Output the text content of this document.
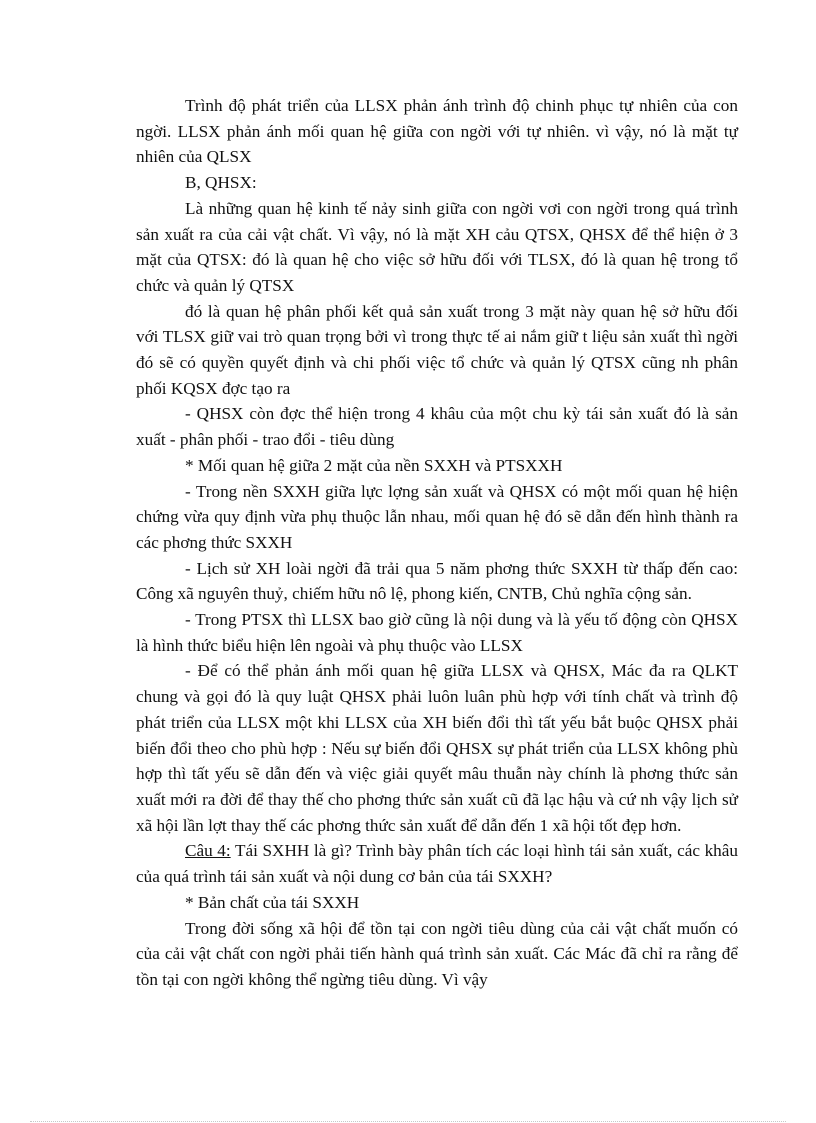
Trình độ phát triển của LLSX phản ánh trình độ chinh phục tự nhiên của con ngời. LLSX phản ánh mối quan hệ giữa con ngời với tự nhiên. vì vậy, nó là mặt tự nhiên của QLSX

B, QHSX:

Là những quan hệ kinh tế nảy sinh giữa con ngời vơi con ngời trong quá trình sản xuất ra của cải vật chất. Vì vậy, nó là mặt XH cảu QTSX, QHSX để thể hiện ở 3 mặt của QTSX: đó là quan hệ cho việc sở hữu đối với TLSX, đó là quan hệ trong tổ chức và quản lý QTSX

đó là quan hệ phân phối kết quả sản xuất trong 3 mặt này quan hệ sở hữu đối với TLSX giữ vai trò quan trọng bởi vì trong thực tế ai nắm giữ t liệu sản xuất thì ngời đó sẽ có quyền quyết định và chi phối việc tổ chức và quản lý QTSX cũng nh phân phối KQSX đợc tạo ra

- QHSX còn đợc thể hiện trong 4 khâu của một chu kỳ tái sản xuất đó là sản xuất - phân phối - trao đổi - tiêu dùng

* Mối quan hệ giữa 2 mặt của nền SXXH và PTSXXH

- Trong nền SXXH giữa lực lợng sản xuất và QHSX có một mối quan hệ hiện chứng vừa quy định vừa phụ thuộc lẫn nhau, mối quan hệ đó sẽ dẫn đến hình thành ra các phơng thức SXXH

- Lịch sử XH loài ngời đã trải qua 5 năm phơng thức SXXH từ thấp đến cao: Công xã nguyên thuỷ, chiếm hữu nô lệ, phong kiến, CNTB, Chủ nghĩa cộng sản.

- Trong PTSX thì LLSX bao giờ cũng là nội dung và là yếu tố động còn QHSX là hình thức biểu hiện lên ngoài và phụ thuộc vào LLSX

- Để có thể phản ánh mối quan hệ giữa LLSX và QHSX, Mác đa ra QLKT chung và gọi đó là quy luật QHSX phải luôn luân phù hợp với tính chất và trình độ phát triển của LLSX một khi LLSX của XH biến đổi thì tất yếu bắt buộc QHSX phải biến đổi theo cho phù hợp : Nếu sự biến đổi QHSX sự phát triển của LLSX không phù hợp thì tất yếu sẽ dẫn đến và việc giải quyết mâu thuẫn này chính là phơng thức sản xuất mới ra đời để thay thế cho phơng thức sản xuất cũ đã lạc hậu và cứ nh vậy lịch sử xã hội lần lợt thay thế các phơng thức sản xuất để dẫn đến 1 xã hội tốt đẹp hơn.

Câu 4: Tái SXHH là gì? Trình bày phân tích các loại hình tái sản xuất, các khâu của quá trình tái sản xuất và nội dung cơ bản của tái SXXH?

* Bản chất của tái SXXH

Trong đời sống xã hội để tồn tại con ngời tiêu dùng của cải vật chất muốn có của cải vật chất con ngời phải tiến hành quá trình sản xuất. Các Mác đã chỉ ra rằng để tồn tại con ngời không thể ngừng tiêu dùng. Vì vậy
